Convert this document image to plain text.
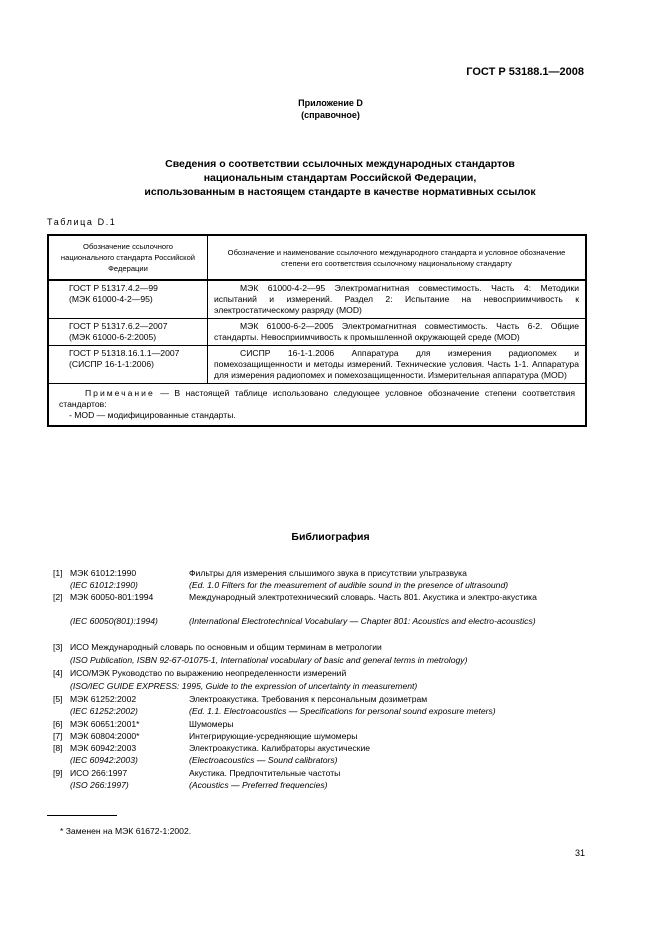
ГОСТ Р 53188.1—2008
Приложение D
(справочное)
Сведения о соответствии ссылочных международных стандартов
национальным стандартам Российской Федерации,
использованным в настоящем стандарте в качестве нормативных ссылок
Таблица D.1
Обозначение ссылочного национального стандарта Российской Федерации	Обозначение и наименование ссылочного международного стандарта и условное обозначение степени его соответствия ссылочному национальному стандарту

ГОСТ Р 51317.4.2—99
(МЭК 61000-4-2—95)	МЭК 61000-4-2—95 Электромагнитная совместимость. Часть 4: Методики испытаний и измерений. Раздел 2: Испытание на невосприимчивость к электростатическому разряду (MOD)

ГОСТ Р 51317.6.2—2007
(МЭК 61000-6-2:2005)	МЭК 61000-6-2—2005 Электромагнитная совместимость. Часть 6-2. Общие стандарты. Невосприимчивость к промышленной окружающей среде (MOD)

ГОСТ Р 51318.16.1.1—2007
(СИСПР 16-1-1:2006)	СИСПР 16-1-1.2006 Аппаратура для измерения радиопомех и помехозащищенности и методы измерений. Технические условия. Часть 1-1. Аппаратура для измерения радиопомех и помехозащищенности. Измерительная аппаратура (MOD)

Примечание — В настоящей таблице использовано следующее условное обозначение степени соответствия стандартов:
- MOD — модифицированные стандарты.	
Библиография
[1] МЭК 61012:1990	Фильтры для измерения слышимого звука в присутствии ультразвука
(IEC 61012:1990)	(Ed. 1.0 Filters for the measurement of audible sound in the presence of ultrasound)
[2] МЭК 60050-801:1994	Международный электротехнический словарь. Часть 801. Акустика и электро-акустика
(IEC 60050(801):1994)	(International Electrotechnical Vocabulary — Chapter 801: Acoustics and electro-acoustics)
[3] ИСО Международный словарь по основным и общим терминам в метрологии
(ISO Publication, ISBN 92-67-01075-1, International vocabulary of basic and general terms in metrology)
[4] ИСО/МЭК Руководство по выражению неопределенности измерений
(ISO/IEC GUIDE EXPRESS: 1995, Guide to the expression of uncertainty in measurement)
[5] МЭК 61252:2002	Электроакустика. Требования к персональным дозиметрам
(IEC 61252:2002)	(Ed. 1.1. Electroacoustics — Specifications for personal sound exposure meters)
[6] МЭК 60651:2001*	Шумомеры
[7] МЭК 60804:2000*	Интегрирующие-усредняющие шумомеры
[8] МЭК 60942:2003	Электроакустика. Калибраторы акустические
(IEC 60942:2003)	(Electroacoustics — Sound calibrators)
[9] ИСО 266:1997	Акустика. Предпочтительные частоты
(ISO 266:1997)	(Acoustics — Preferred frequencies)
* Заменен на МЭК 61672-1:2002.
31
